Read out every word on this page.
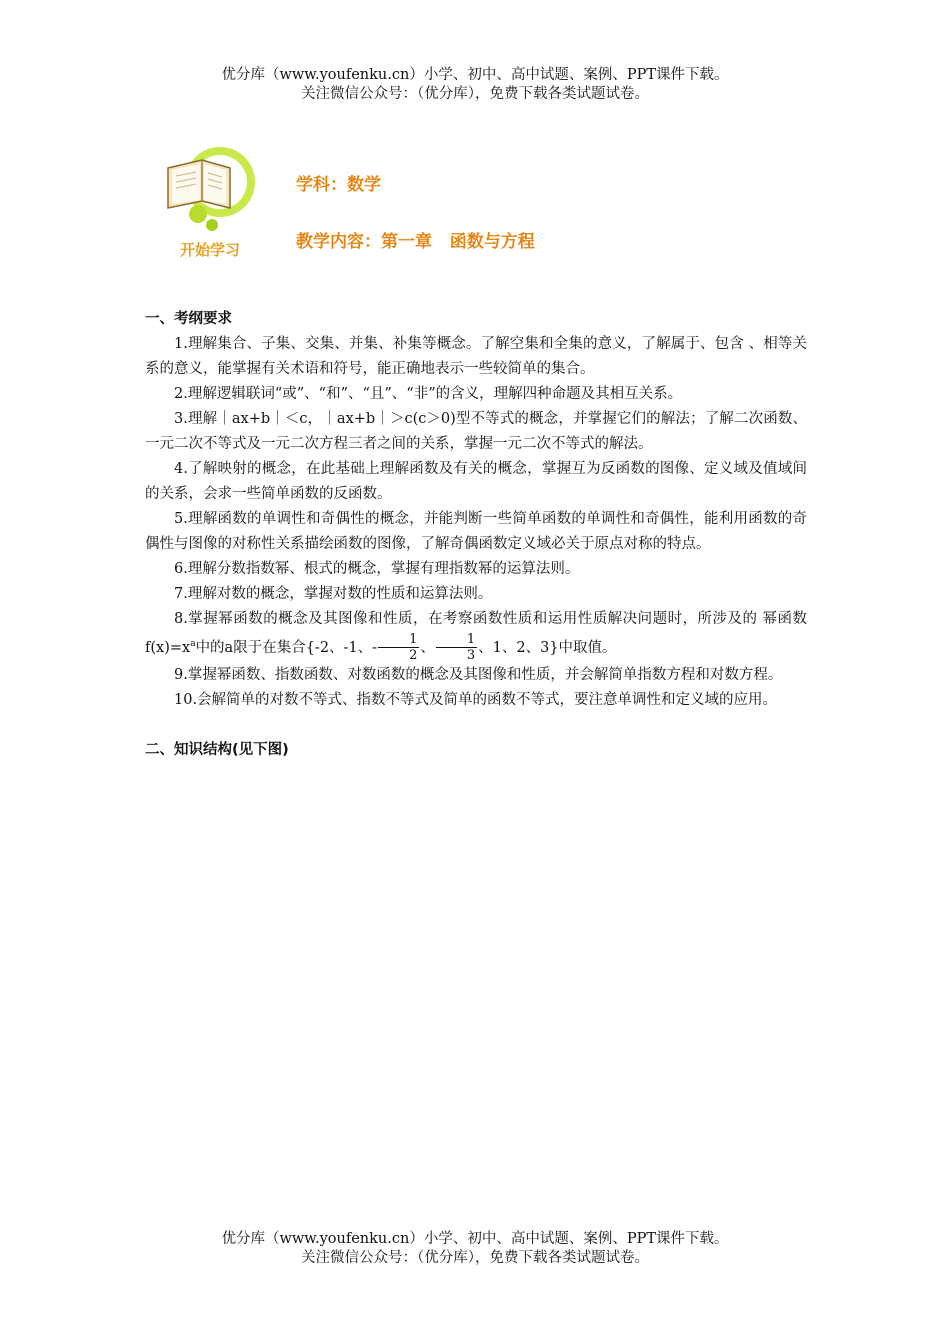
优分库（www.youfenku.cn）小学、初中、高中试题、案例、PPT课件下载。
关注微信公众号：（优分库），免费下载各类试题试卷。
开始学习
学科：数学
教学内容：第一章   函数与方程
一、考纲要求

1.理解集合、子集、交集、并集、补集等概念。了解空集和全集的意义，了解属于、包含 、相等关系的意义，能掌握有关术语和符号，能正确地表示一些较简单的集合。

2.理解逻辑联词“或”、“和”、“且”、“非”的含义，理解四种命题及其相互关系。

3.理解｜ax+b｜＜c，｜ax+b｜＞c(c＞0)型不等式的概念，并掌握它们的解法；了解二次函数、一元二次不等式及一元二次方程三者之间的关系，掌握一元二次不等式的解法。

4.了解映射的概念，在此基础上理解函数及有关的概念，掌握互为反函数的图像、定义域及值域间的关系，会求一些简单函数的反函数。

5.理解函数的单调性和奇偶性的概念，并能判断一些简单函数的单调性和奇偶性，能利用函数的奇偶性与图像的对称性关系描绘函数的图像，了解奇偶函数定义域必关于原点对称的特点。

6.理解分数指数幂、根式的概念，掌握有理指数幂的运算法则。

7.理解对数的概念，掌握对数的性质和运算法则。

8.掌握幂函数的概念及其图像和性质，在考察函数性质和运用性质解决问题时，所涉及的 幂函数$f(x)=x^a$中的a限于在集合{-2、-1、- $\frac{1}{2}$ 、 $\frac{1}{3}$ 、1、2、3}中取值。

9.掌握幂函数、指数函数、对数函数的概念及其图像和性质，并会解简单指数方程和对数方程。

10.会解简单的对数不等式、指数不等式及简单的函数不等式，要注意单调性和定义域的应用。

二、知识结构(见下图)
优分库（www.youfenku.cn）小学、初中、高中试题、案例、PPT课件下载。
关注微信公众号：（优分库），免费下载各类试题试卷。
